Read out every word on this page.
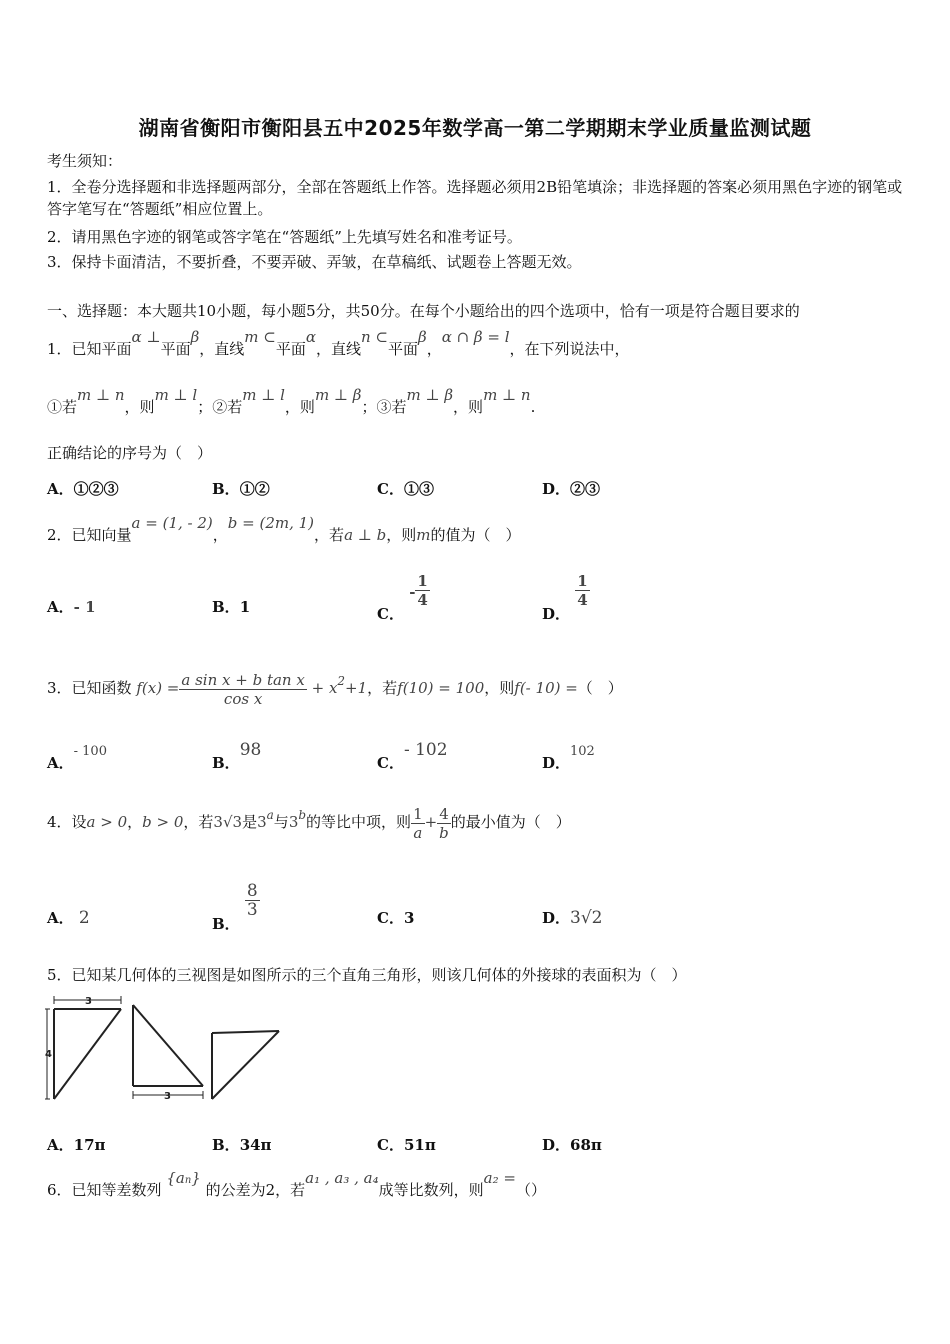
湖南省衡阳市衡阳县五中2025年数学高一第二学期期末学业质量监测试题
考生须知：
1．全卷分选择题和非选择题两部分，全部在答题纸上作答。选择题必须用2B铅笔填涂；非选择题的答案必须用黑色字迹的钢笔或答字笔写在“答题纸”相应位置上。
2．请用黑色字迹的钢笔或答字笔在“答题纸”上先填写姓名和准考证号。
3．保持卡面清洁，不要折叠，不要弄破、弄皱，在草稿纸、试题卷上答题无效。
一、选择题：本大题共10小题，每小题5分，共50分。在每个小题给出的四个选项中，恰有一项是符合题目要求的
1．已知平面α ⊥平面β，直线m ⊂平面α，直线n ⊂平面β，α ∩ β = l，在下列说法中，
①若m ⊥ n，则m ⊥ l；②若m ⊥ l，则m ⊥ β；③若m ⊥ β，则m ⊥ n.
正确结论的序号为（　）
A．①②③	B．①②	C．①③	D．②③
2．已知向量a = (1, - 2)，b = (2m, 1)，若a ⊥ b，则m的值为（　）
A．- 1	B．1	C． - $\frac{1}{4}$
D．
$\frac{1}{4}$
3．已知函数 $f(x) = \frac{\text{a sin x + b tan x}}{\text{cos x}} + x^2+1$，若f(10) = 100，则f(- 10) =（　）
A．- 100
B．98
C．- 102
D．102
4．设a > 0，b > 0，若3√3是3$^a$与3$^b$的等比中项，则 $\frac{1}{a} + \frac{4}{b}$ 的最小值为（　）
A． 2	B．
$\frac{8}{3}$	C．3	D．3√2
5．已知某几何体的三视图是如图所示的三个直角三角形，则该几何体的外接球的表面积为（　）
3
4
3
A．17π	B．34π	C．51π	D．68π
6．已知等差数列 $\{a^n\}$ 的公差为2，若a₁ , a₃ , a₄成等比数列，则a₂ =（）
